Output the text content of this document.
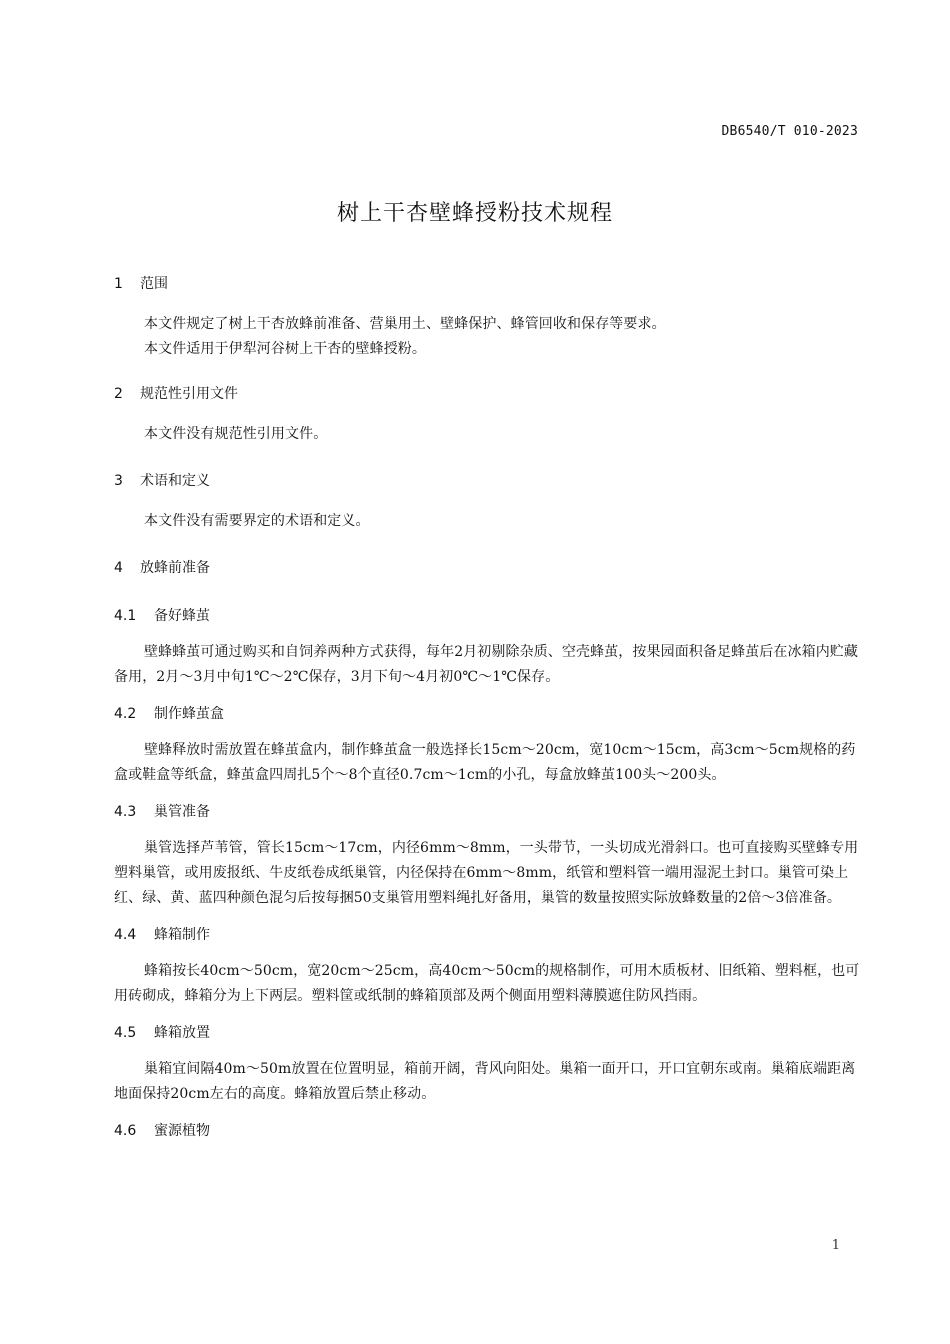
DB6540/T 010-2023
树上干杏壁蜂授粉技术规程
1 范围

本文件规定了树上干杏放蜂前准备、营巢用土、壁蜂保护、蜂管回收和保存等要求。

本文件适用于伊犁河谷树上干杏的壁蜂授粉。

2 规范性引用文件

本文件没有规范性引用文件。

3 术语和定义

本文件没有需要界定的术语和定义。

4 放蜂前准备
4.1 备好蜂茧

壁蜂蜂茧可通过购买和自饲养两种方式获得，每年2月初剔除杂质、空壳蜂茧，按果园面积备足蜂茧后在冰箱内贮藏备用，2月～3月中旬1℃～2℃保存，3月下旬～4月初0℃～1℃保存。

4.2 制作蜂茧盒

壁蜂释放时需放置在蜂茧盒内，制作蜂茧盒一般选择长15cm～20cm，宽10cm～15cm，高3cm～5cm规格的药盒或鞋盒等纸盒，蜂茧盒四周扎5个～8个直径0.7cm～1cm的小孔，每盒放蜂茧100头～200头。

4.3 巢管准备

巢管选择芦苇管，管长15cm～17cm，内径6mm～8mm，一头带节，一头切成光滑斜口。也可直接购买壁蜂专用塑料巢管，或用废报纸、牛皮纸卷成纸巢管，内径保持在6mm～8mm，纸管和塑料管一端用湿泥土封口。巢管可染上红、绿、黄、蓝四种颜色混匀后按每捆50支巢管用塑料绳扎好备用，巢管的数量按照实际放蜂数量的2倍～3倍准备。

4.4 蜂箱制作

蜂箱按长40cm～50cm，宽20cm～25cm，高40cm～50cm的规格制作，可用木质板材、旧纸箱、塑料框，也可用砖砌成，蜂箱分为上下两层。塑料筐或纸制的蜂箱顶部及两个侧面用塑料薄膜遮住防风挡雨。

4.5 蜂箱放置

巢箱宜间隔40m～50m放置在位置明显，箱前开阔，背风向阳处。巢箱一面开口，开口宜朝东或南。巢箱底端距离地面保持20cm左右的高度。蜂箱放置后禁止移动。

4.6 蜜源植物
1
